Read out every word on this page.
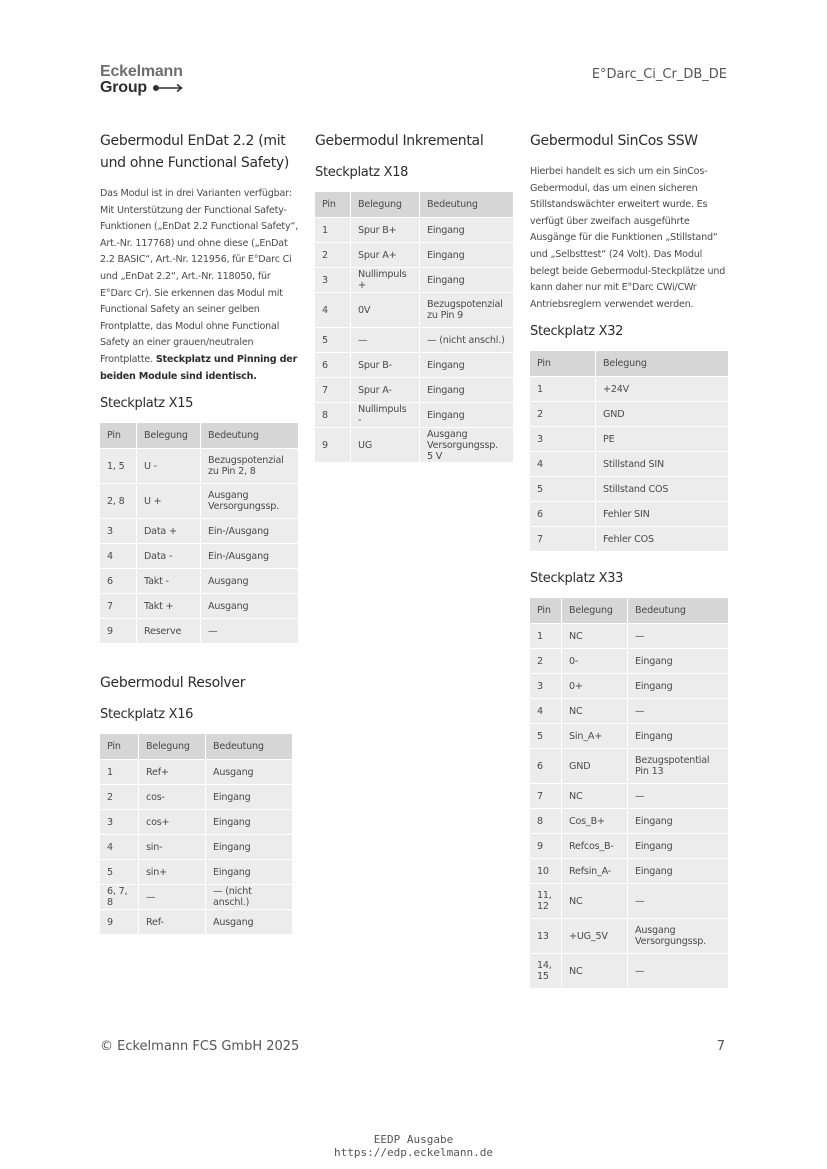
Eckelmann
Group
E°Darc_Ci_Cr_DB_DE
Gebermodul EnDat 2.2 (mit und ohne Functional Safety)

Das Modul ist in drei Varianten verfügbar: Mit Unterstützung der Functional Safety-Funktionen („EnDat 2.2 Functional Safety“, Art.-Nr. 117768) und ohne diese („EnDat 2.2 BASIC“, Art.-Nr. 121956, für E°Darc Ci und „EnDat 2.2“, Art.-Nr. 118050, für E°Darc Cr). Sie erkennen das Modul mit Functional Safety an seiner gelben Frontplatte, das Modul ohne Functional Safety an einer grauen/neutralen Frontplatte. Steckplatz und Pinning der beiden Module sind identisch.

Steckplatz X15
Pin	Belegung	Bedeutung
1, 5	U -	Bezugspotenzial zu Pin 2, 8
2, 8	U +	Ausgang Versorgungssp.
3	Data +	Ein-/Ausgang
4	Data -	Ein-/Ausgang
6	Takt -	Ausgang
7	Takt +	Ausgang
9	Reserve	—
Gebermodul Resolver
Steckplatz X16
Pin	Belegung	Bedeutung
1	Ref+	Ausgang
2	cos-	Eingang
3	cos+	Eingang
4	sin-	Eingang
5	sin+	Eingang
6, 7, 8	—	— (nicht anschl.)
9	Ref-	Ausgang
Gebermodul Inkremental
Steckplatz X18
Pin	Belegung	Bedeutung
1	Spur B+	Eingang
2	Spur A+	Eingang
3	Nullimpuls +	Eingang
4	0V	Bezugspotenzial zu Pin 9
5	—	— (nicht anschl.)
6	Spur B-	Eingang
7	Spur A-	Eingang
8	Nullimpuls -	Eingang
9	UG	Ausgang Versorgungssp. 5 V
Gebermodul SinCos SSW

Hierbei handelt es sich um ein SinCos-Gebermodul, das um einen sicheren Stillstandswächter erweitert wurde. Es verfügt über zweifach ausgeführte Ausgänge für die Funktionen „Stillstand“ und „Selbsttest“ (24 Volt). Das Modul belegt beide Gebermodul-Steckplätze und kann daher nur mit E°Darc CWi/CWr Antriebsreglern verwendet werden.

Steckplatz X32
Pin	Belegung
1	+24V
2	GND
3	PE
4	Stillstand SIN
5	Stillstand COS
6	Fehler SIN
7	Fehler COS
Steckplatz X33
Pin	Belegung	Bedeutung
1	NC	—
2	0-	Eingang
3	0+	Eingang
4	NC	—
5	Sin_A+	Eingang
6	GND	Bezugspotential Pin 13
7	NC	—
8	Cos_B+	Eingang
9	Refcos_B-	Eingang
10	Refsin_A-	Eingang
11, 12	NC	—
13	+UG_5V	Ausgang Versorgungssp.
14, 15	NC	—
© Eckelmann FCS GmbH 2025	7
EEDP Ausgabe
https://edp.eckelmann.de
